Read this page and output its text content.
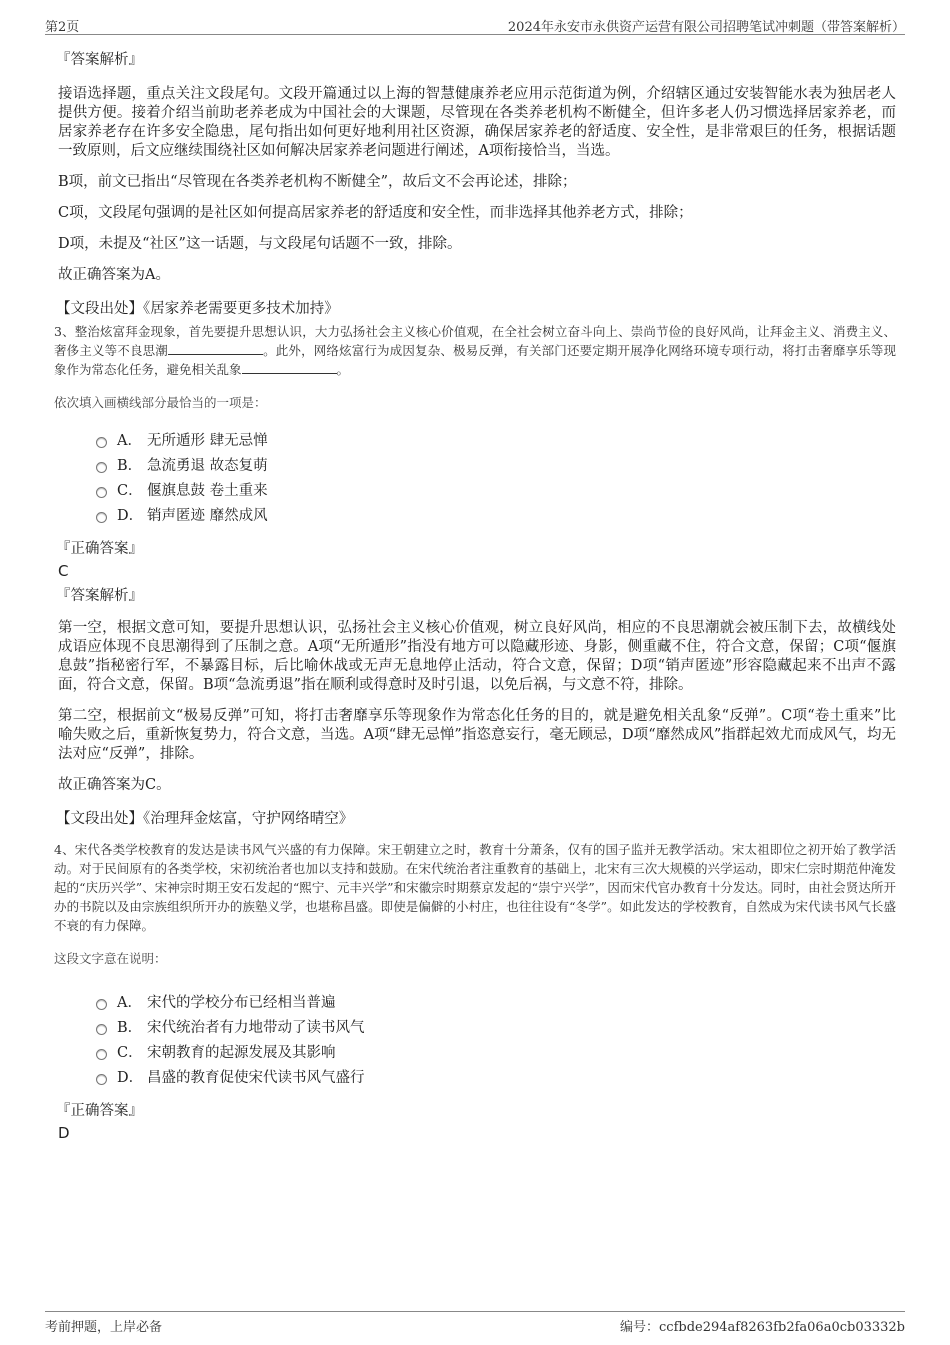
第2页	2024年永安市永供资产运营有限公司招聘笔试冲刺题（带答案解析）
『答案解析』

接语选择题，重点关注文段尾句。文段开篇通过以上海的智慧健康养老应用示范街道为例，介绍辖区通过安装智能水表为独居老人提供方便。接着介绍当前助老养老成为中国社会的大课题，尽管现在各类养老机构不断健全，但许多老人仍习惯选择居家养老，而居家养老存在许多安全隐患，尾句指出如何更好地利用社区资源，确保居家养老的舒适度、安全性，是非常艰巨的任务，根据话题一致原则，后文应继续围绕社区如何解决居家养老问题进行阐述，A项衔接恰当，当选。

B项，前文已指出“尽管现在各类养老机构不断健全”，故后文不会再论述，排除；

C项，文段尾句强调的是社区如何提高居家养老的舒适度和安全性，而非选择其他养老方式，排除；

D项，未提及“社区”这一话题，与文段尾句话题不一致，排除。

故正确答案为A。

【文段出处】《居家养老需要更多技术加持》
3、整治炫富拜金现象，首先要提升思想认识，大力弘扬社会主义核心价值观，在全社会树立奋斗向上、崇尚节俭的良好风尚，让拜金主义、消费主义、奢侈主义等不良思潮	。此外，网络炫富行为成因复杂、极易反弹，有关部门还要定期开展净化网络环境专项行动，将打击奢靡享乐等现象作为常态化任务，避免相关乱象	。
依次填入画横线部分最恰当的一项是：
A． 无所遁形 肆无忌惮
B． 急流勇退 故态复萌
C． 偃旗息鼓 卷土重来
D． 销声匿迹 靡然成风
『正确答案』
C
『答案解析』

第一空，根据文意可知，要提升思想认识，弘扬社会主义核心价值观，树立良好风尚，相应的不良思潮就会被压制下去，故横线处成语应体现不良思潮得到了压制之意。A项“无所遁形”指没有地方可以隐藏形迹、身影，侧重藏不住，符合文意，保留；C项“偃旗息鼓”指秘密行军，不暴露目标，后比喻休战或无声无息地停止活动，符合文意，保留；D项“销声匿迹”形容隐藏起来不出声不露面，符合文意，保留。B项“急流勇退”指在顺利或得意时及时引退，以免后祸，与文意不符，排除。

第二空，根据前文“极易反弹”可知，将打击奢靡享乐等现象作为常态化任务的目的，就是避免相关乱象“反弹”。C项“卷土重来”比喻失败之后，重新恢复势力，符合文意，当选。A项“肆无忌惮”指恣意妄行，毫无顾忌，D项“靡然成风”指群起效尤而成风气，均无法对应“反弹”，排除。

故正确答案为C。

【文段出处】《治理拜金炫富，守护网络晴空》
4、宋代各类学校教育的发达是读书风气兴盛的有力保障。宋王朝建立之时，教育十分萧条，仅有的国子监并无教学活动。宋太祖即位之初开始了教学活动。对于民间原有的各类学校，宋初统治者也加以支持和鼓励。在宋代统治者注重教育的基础上，北宋有三次大规模的兴学运动，即宋仁宗时期范仲淹发起的“庆历兴学”、宋神宗时期王安石发起的“熙宁、元丰兴学”和宋徽宗时期蔡京发起的“崇宁兴学”，因而宋代官办教育十分发达。同时，由社会贤达所开办的书院以及由宗族组织所开办的族塾义学，也堪称昌盛。即使是偏僻的小村庄，也往往设有“冬学”。如此发达的学校教育，自然成为宋代读书风气长盛不衰的有力保障。
这段文字意在说明：
A． 宋代的学校分布已经相当普遍
B． 宋代统治者有力地带动了读书风气
C． 宋朝教育的起源发展及其影响
D． 昌盛的教育促使宋代读书风气盛行
『正确答案』
D
考前押题，上岸必备	编号：ccfbde294af8263fb2fa06a0cb03332b
